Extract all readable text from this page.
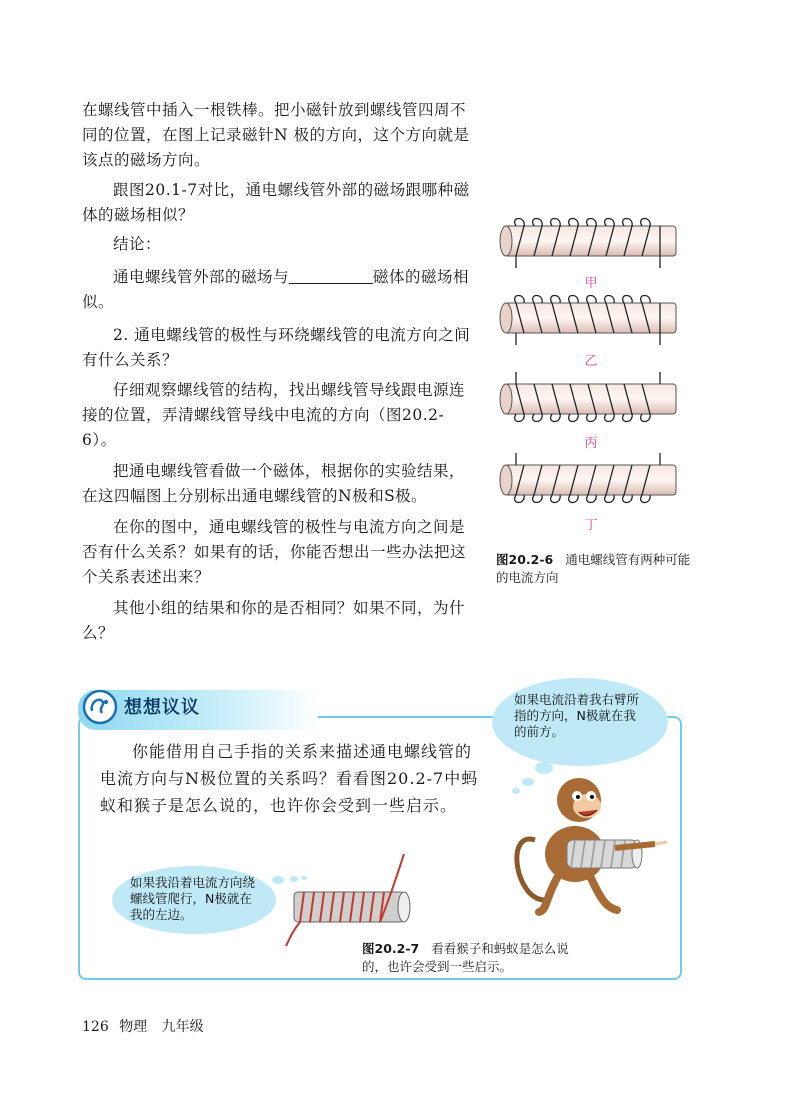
在螺线管中插入一根铁棒。把小磁针放到螺线管四周不同的位置，在图上记录磁针N 极的方向，这个方向就是该点的磁场方向。

跟图20.1-7对比，通电螺线管外部的磁场跟哪种磁体的磁场相似？

结论：

通电螺线管外部的磁场与	磁体的磁场相似。

2. 通电螺线管的极性与环绕螺线管的电流方向之间有什么关系？

仔细观察螺线管的结构，找出螺线管导线跟电源连接的位置，弄清螺线管导线中电流的方向（图20.2-6）。

把通电螺线管看做一个磁体，根据你的实验结果，在这四幅图上分别标出通电螺线管的N极和S极。

在你的图中，通电螺线管的极性与电流方向之间是否有什么关系？如果有的话，你能否想出一些办法把这个关系表述出来？

其他小组的结果和你的是否相同？如果不同，为什么？

甲
乙
丙
丁
图20.2-6 通电螺线管有两种可能的电流方向
想想议议

你能借用自己手指的关系来描述通电螺线管的电流方向与N极位置的关系吗？看看图20.2-7中蚂蚁和猴子是怎么说的，也许你会受到一些启示。

如果电流沿着我右臂所指的方向，N极就在我的前方。
如果我沿着电流方向绕螺线管爬行，N极就在我的左边。
图20.2-7 看看猴子和蚂蚁是怎么说的，也许会受到一些启示。
126 物理 九年级
